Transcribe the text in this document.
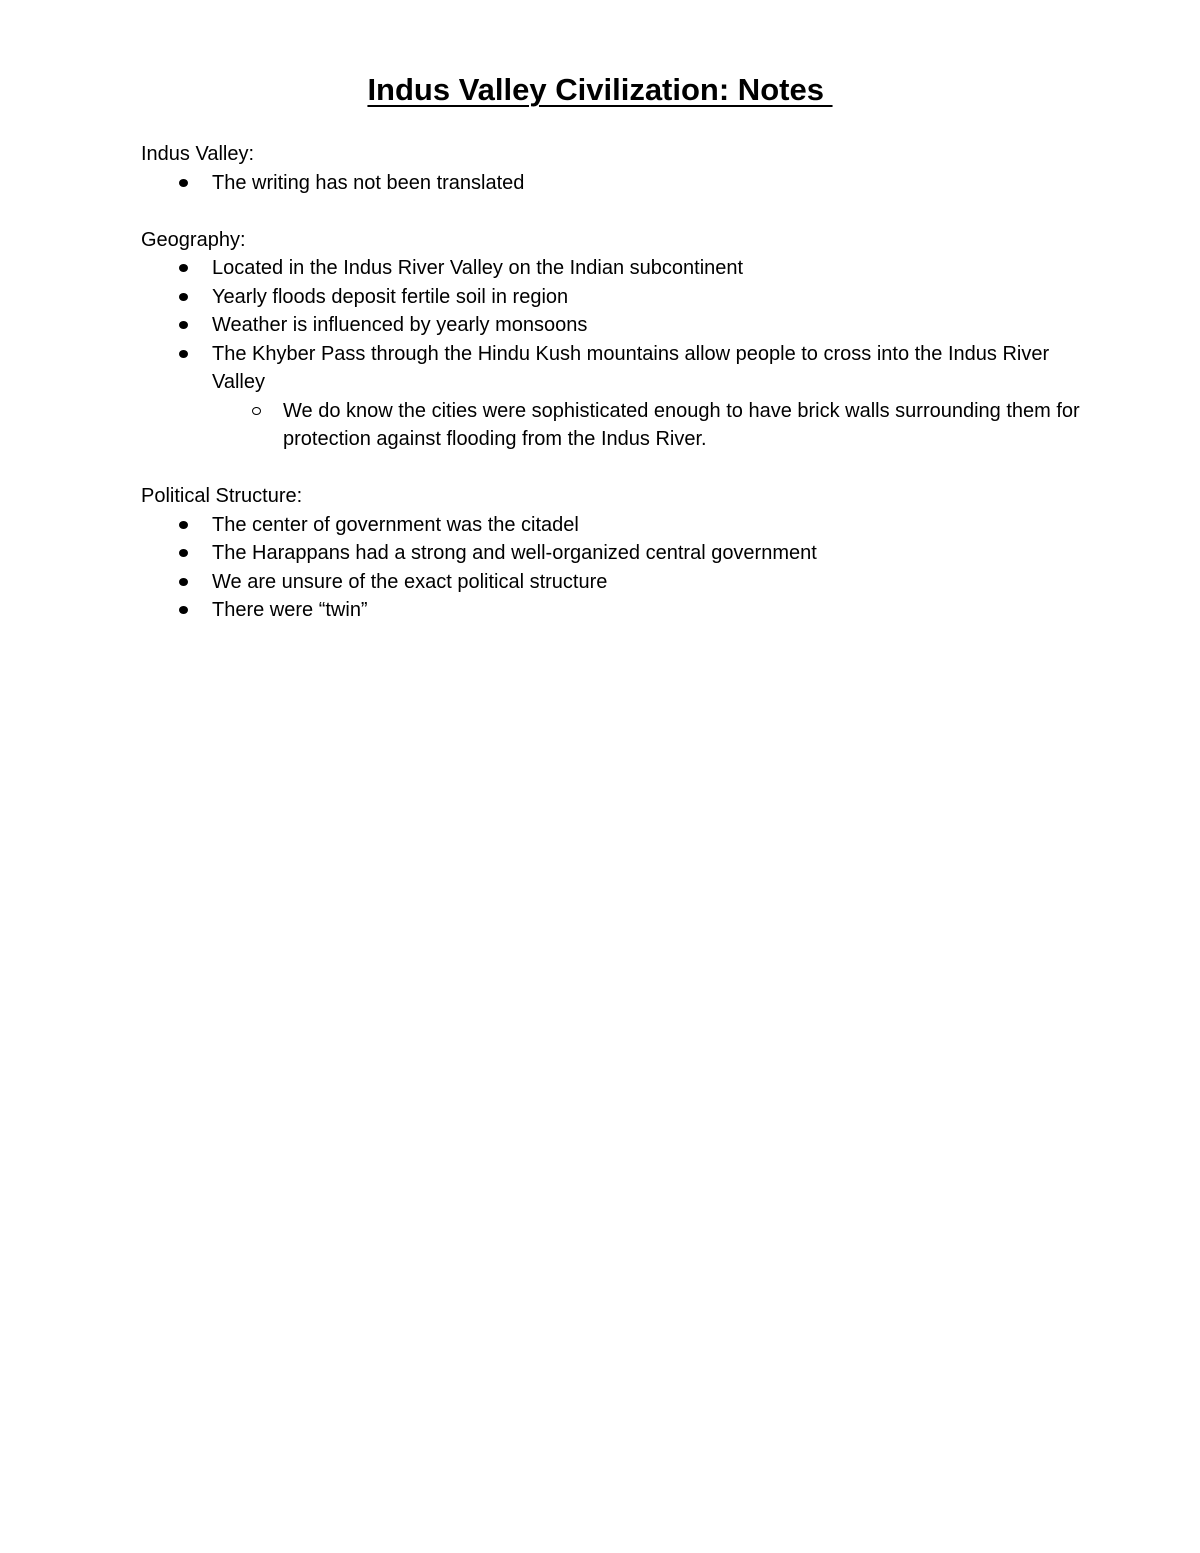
Indus Valley Civilization: Notes

Indus Valley:

The writing has not been translated

Geography:

Located in the Indus River Valley on the Indian subcontinent
Yearly floods deposit fertile soil in region
Weather is influenced by yearly monsoons
The Khyber Pass through the Hindu Kush mountains allow people to cross into the Indus River Valley
We do know the cities were sophisticated enough to have brick walls surrounding them for protection against flooding from the Indus River.

Political Structure:

The center of government was the citadel
The Harappans had a strong and well-organized central government
We are unsure of the exact political structure
There were “twin”
